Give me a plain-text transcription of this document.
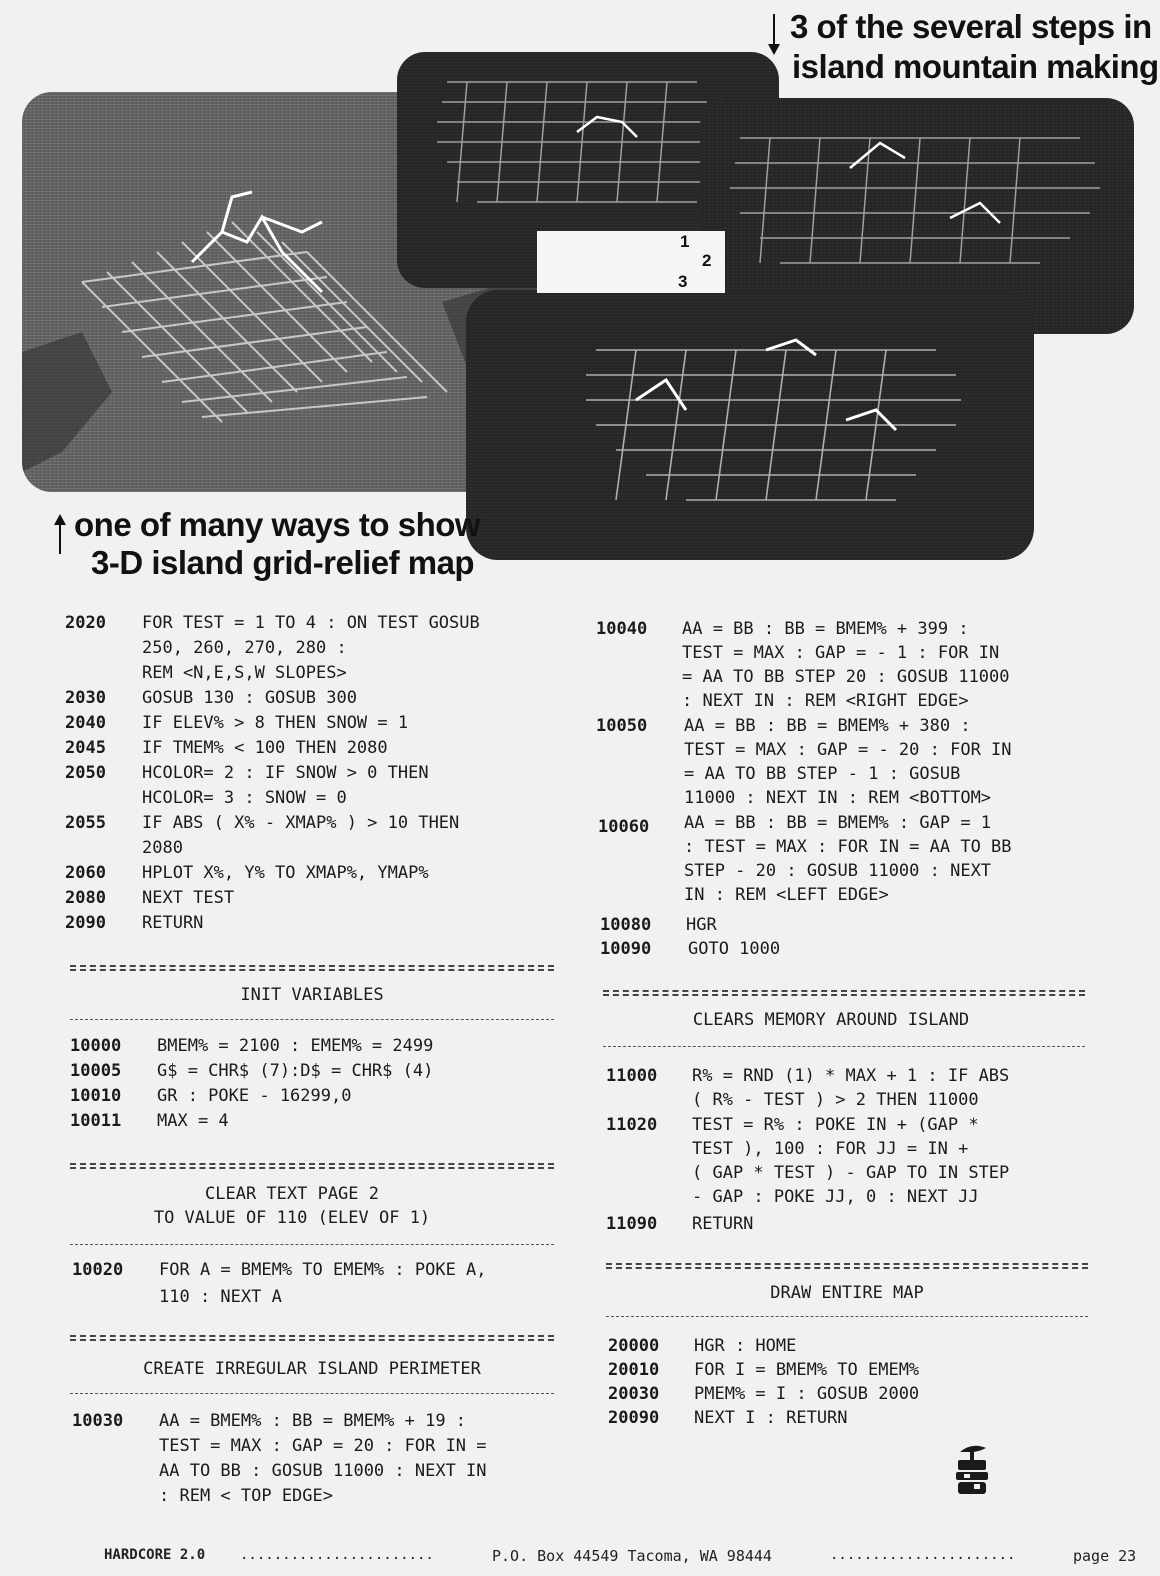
1
2
3
3 of the several steps in
island mountain making
one of many ways to show
3-D island grid-relief map
2020	FOR TEST = 1 TO 4 : ON TEST GOSUB
250, 260, 270, 280 :
REM <N,E,S,W SLOPES>
2030	GOSUB 130 : GOSUB 300
2040	IF ELEV% > 8 THEN SNOW = 1
2045	IF TMEM% < 100 THEN 2080
2050	HCOLOR= 2 : IF SNOW > 0 THEN
HCOLOR= 3 : SNOW = 0
2055	IF ABS ( X% - XMAP% ) > 10 THEN
2080
2060	HPLOT X%, Y% TO XMAP%, YMAP%
2080	NEXT TEST
2090	RETURN
INIT VARIABLES
10000	BMEM% = 2100 : EMEM% = 2499
10005	G$ = CHR$ (7):D$ = CHR$ (4)
10010	GR : POKE - 16299,0
10011	MAX = 4
CLEAR TEXT PAGE 2
TO VALUE OF 110 (ELEV OF 1)
10020	FOR A = BMEM% TO EMEM% : POKE A,
110 : NEXT A
CREATE IRREGULAR ISLAND PERIMETER
10030	AA = BMEM% : BB = BMEM% + 19 :
TEST = MAX : GAP = 20 : FOR IN =
AA TO BB : GOSUB 11000 : NEXT IN
: REM < TOP EDGE>
10040	AA = BB : BB = BMEM% + 399 :
TEST = MAX : GAP = - 1 : FOR IN
= AA TO BB STEP 20 : GOSUB 11000
: NEXT IN : REM <RIGHT EDGE>
10050	AA = BB : BB = BMEM% + 380 :
TEST = MAX : GAP = - 20 : FOR IN
= AA TO BB STEP - 1 : GOSUB
11000 : NEXT IN : REM <BOTTOM>
10060	AA = BB : BB = BMEM% : GAP = 1
: TEST = MAX : FOR IN = AA TO BB
STEP - 20 : GOSUB 11000 : NEXT
IN : REM <LEFT EDGE>
10080	HGR
10090	GOTO 1000
CLEARS MEMORY AROUND ISLAND
11000	R% = RND (1) * MAX + 1 : IF ABS
( R% - TEST ) > 2 THEN 11000
11020	TEST = R% : POKE IN + (GAP *
TEST ), 100 : FOR JJ = IN +
( GAP * TEST ) - GAP TO IN STEP
- GAP : POKE JJ, 0 : NEXT JJ
11090	RETURN
DRAW ENTIRE MAP
20000	HGR : HOME
20010	FOR I = BMEM% TO EMEM%
20030	PMEM% = I : GOSUB 2000
20090	NEXT I : RETURN
HARDCORE 2.0 .......................	P.O. Box 44549 Tacoma, WA 98444	......................	page 23
